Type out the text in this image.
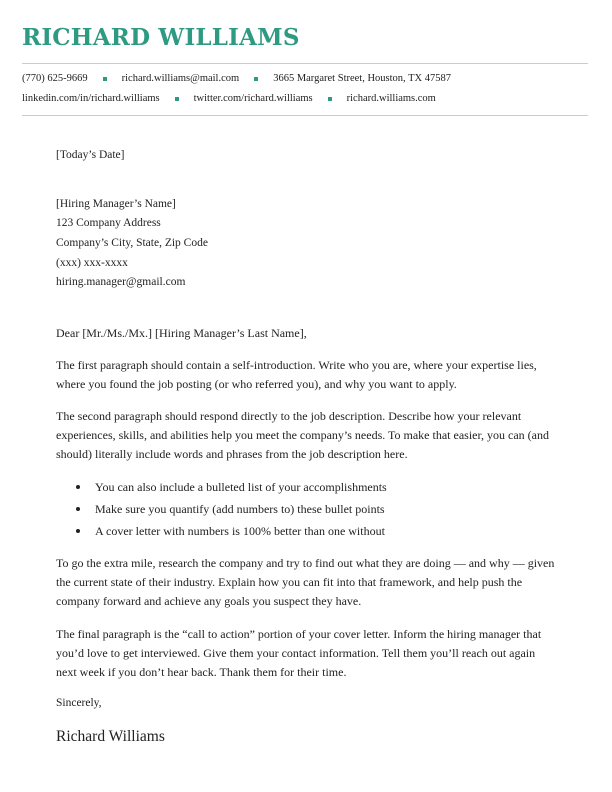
RICHARD WILLIAMS
(770) 625-9669	richard.williams@mail.com	3665 Margaret Street, Houston, TX 47587
linkedin.com/in/richard.williams	twitter.com/richard.williams	richard.williams.com
[Today’s Date]
[Hiring Manager’s Name]
123 Company Address
Company’s City, State, Zip Code
(xxx) xxx-xxxx
hiring.manager@gmail.com
Dear [Mr./Ms./Mx.] [Hiring Manager’s Last Name],

The first paragraph should contain a self-introduction. Write who you are, where your expertise lies, where you found the job posting (or who referred you), and why you want to apply.

The second paragraph should respond directly to the job description. Describe how your relevant experiences, skills, and abilities help you meet the company’s needs. To make that easier, you can (and should) literally include words and phrases from the job description here.

You can also include a bulleted list of your accomplishments
Make sure you quantify (add numbers to) these bullet points
A cover letter with numbers is 100% better than one without

To go the extra mile, research the company and try to find out what they are doing — and why — given the current state of their industry. Explain how you can fit into that framework, and help push the company forward and achieve any goals you suspect they have.

The final paragraph is the “call to action” portion of your cover letter. Inform the hiring manager that you’d love to get interviewed. Give them your contact information. Tell them you’ll reach out again next week if you don’t hear back. Thank them for their time.

Sincerely,
Richard Williams
